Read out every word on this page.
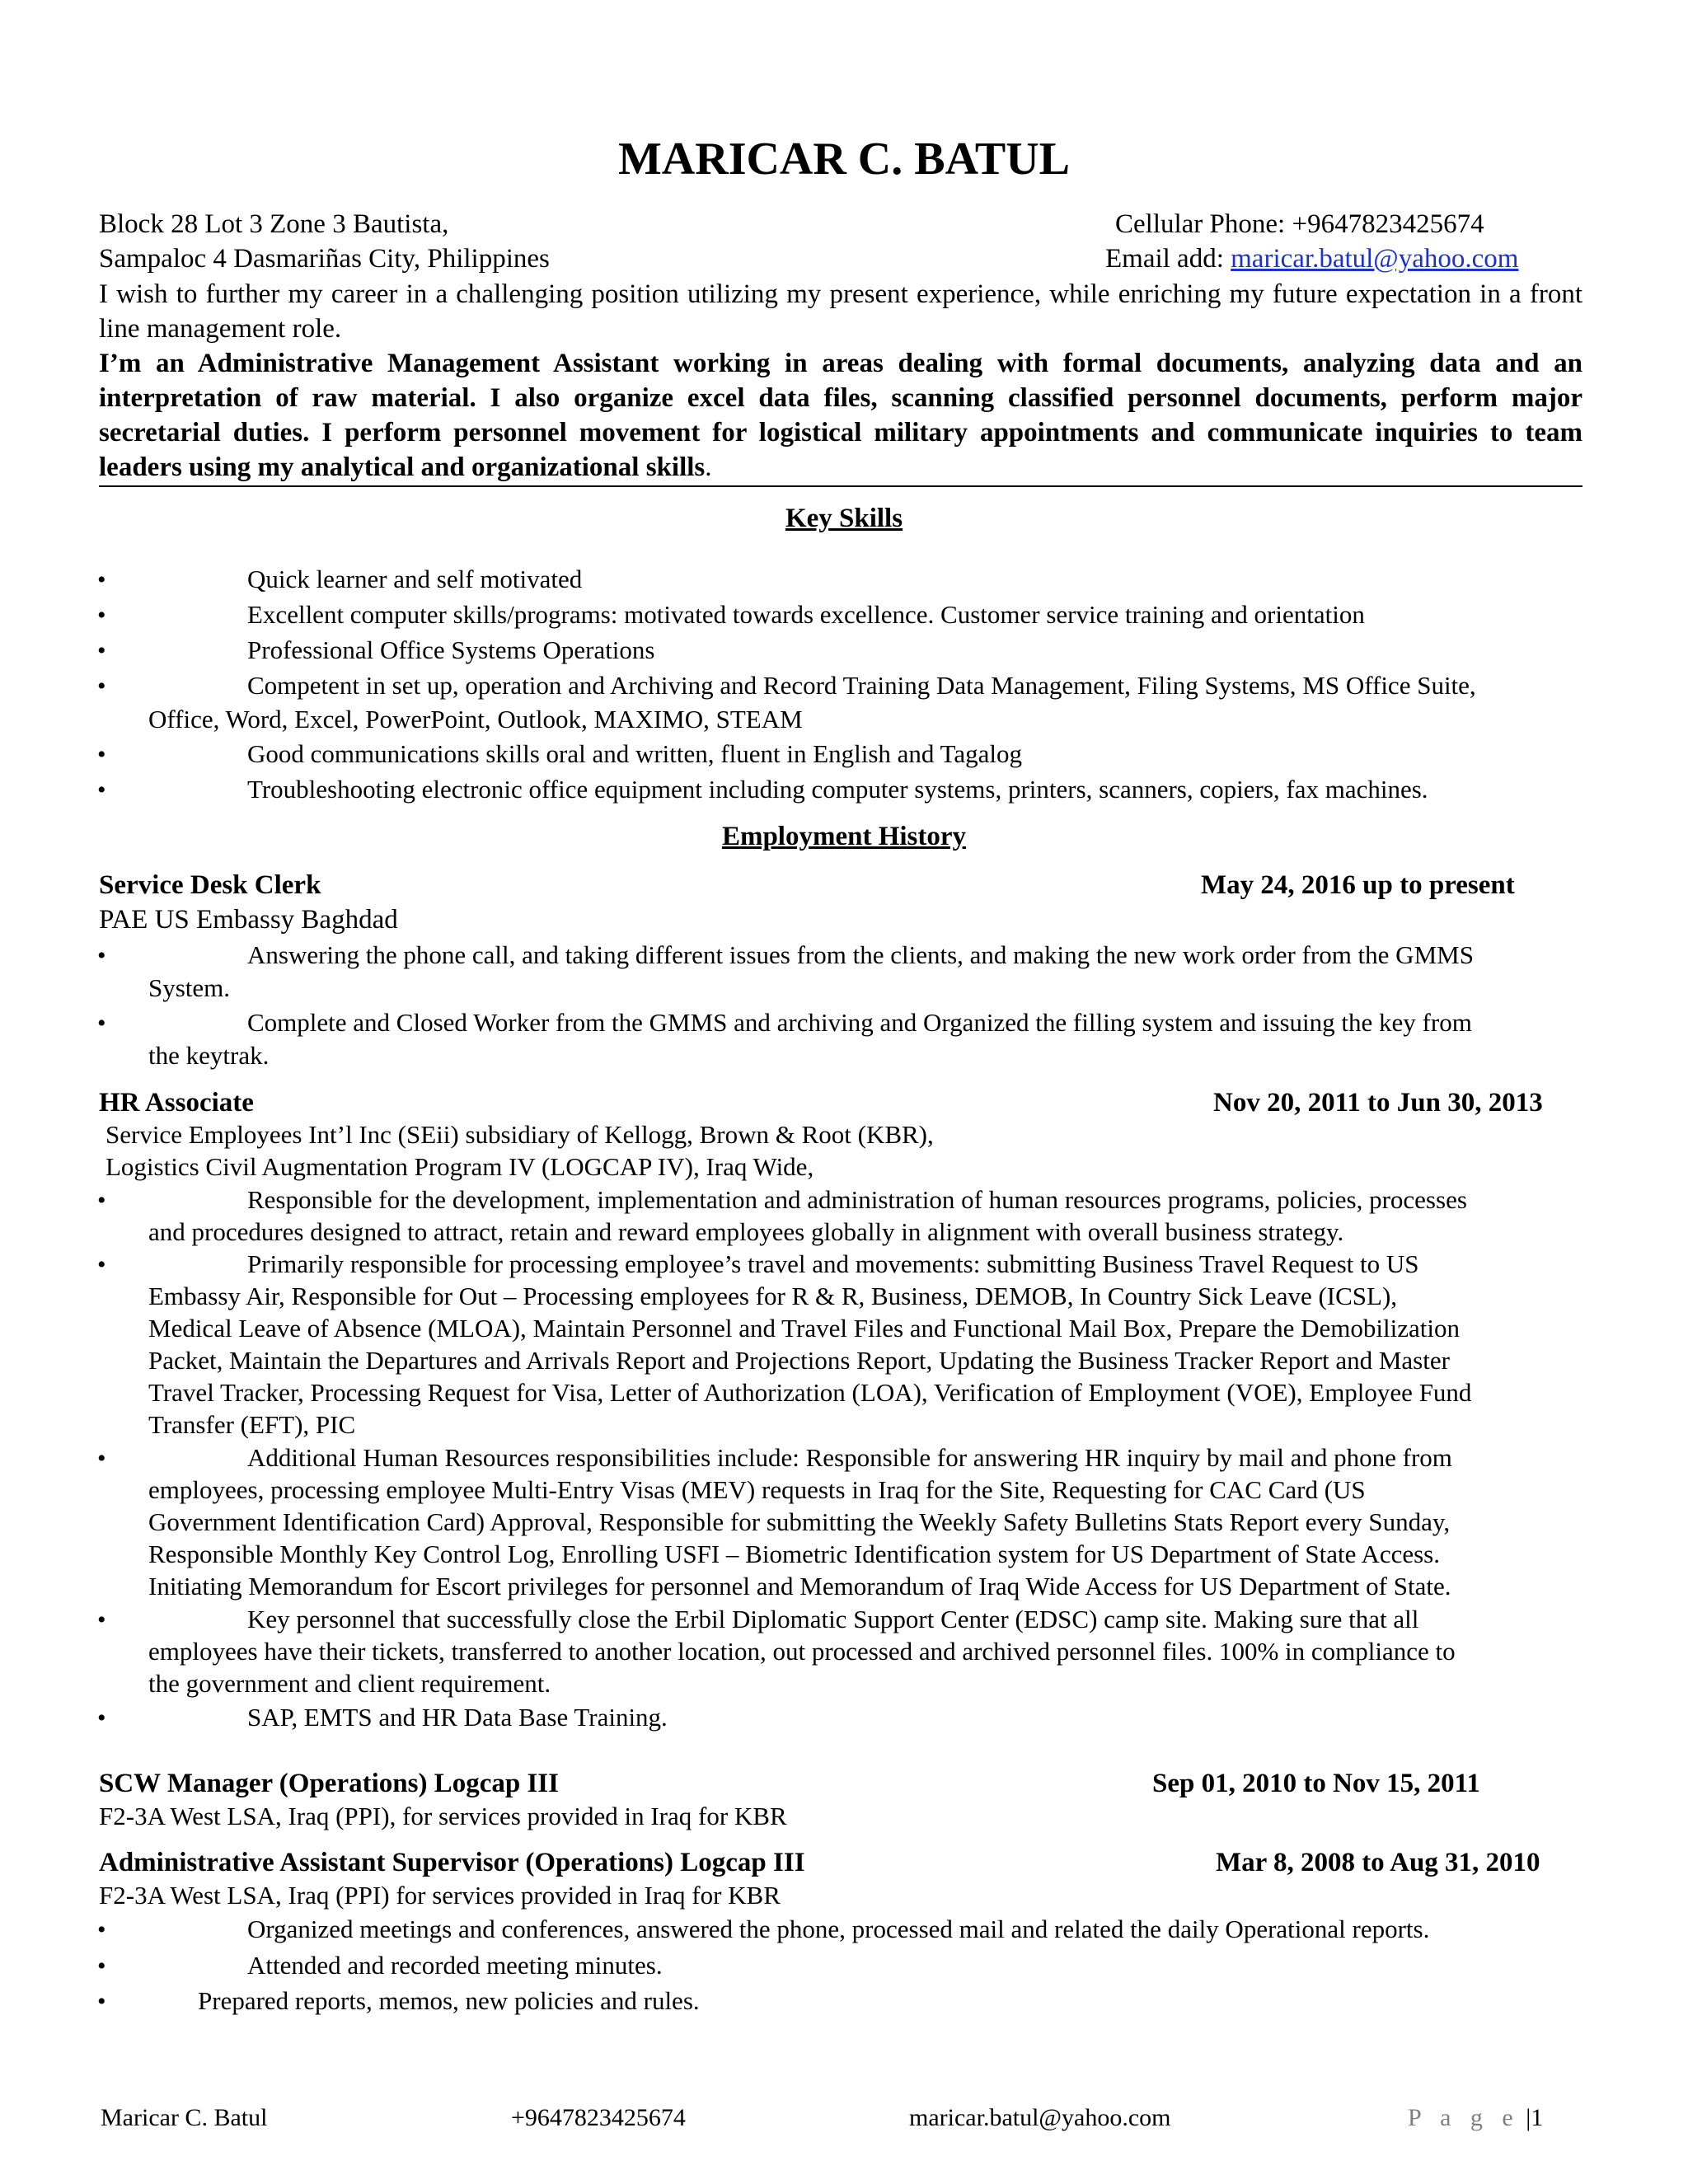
MARICAR C. BATUL
Block 28 Lot 3 Zone 3 Bautista,
Sampaloc 4 Dasmariñas City, Philippines
Cellular Phone: +9647823425674
Email add: maricar.batul@yahoo.com
I wish to further my career in a challenging position utilizing my present experience, while enriching my future expectation in a front line management role.
I’m an Administrative Management Assistant working in areas dealing with formal documents, analyzing data and an interpretation of raw material. I also organize excel data files, scanning classified personnel documents, perform major secretarial duties. I perform personnel movement for logistical military appointments and communicate inquiries to team leaders using my analytical and organizational skills.
Key Skills
•	Quick learner and self motivated
•	Excellent computer skills/programs: motivated towards excellence. Customer service training and orientation
•	Professional Office Systems Operations
•	Competent in set up, operation and Archiving and Record Training Data Management, Filing Systems, MS Office Suite,
Office, Word, Excel, PowerPoint, Outlook, MAXIMO, STEAM
•	Good communications skills oral and written, fluent in English and Tagalog
•	Troubleshooting electronic office equipment including computer systems, printers, scanners, copiers, fax machines.
Employment History
Service Desk Clerk	May 24, 2016 up to present
PAE US Embassy Baghdad
•	Answering the phone call, and taking different issues from the clients, and making the new work order from the GMMS
System.
•	Complete and Closed Worker from the GMMS and archiving and Organized the filling system and issuing the key from
the keytrak.
HR Associate	Nov 20, 2011 to Jun 30, 2013
Service Employees Int’l Inc (SEii) subsidiary of Kellogg, Brown & Root (KBR),
Logistics Civil Augmentation Program IV (LOGCAP IV), Iraq Wide,
•	Responsible for the development, implementation and administration of human resources programs, policies, processes
and procedures designed to attract, retain and reward employees globally in alignment with overall business strategy.
•	Primarily responsible for processing employee’s travel and movements: submitting Business Travel Request to US
Embassy Air, Responsible for Out – Processing employees for R & R, Business, DEMOB, In Country Sick Leave (ICSL),
Medical Leave of Absence (MLOA), Maintain Personnel and Travel Files and Functional Mail Box, Prepare the Demobilization
Packet, Maintain the Departures and Arrivals Report and Projections Report, Updating the Business Tracker Report and Master
Travel Tracker, Processing Request for Visa, Letter of Authorization (LOA), Verification of Employment (VOE), Employee Fund
Transfer (EFT), PIC
•	Additional Human Resources responsibilities include: Responsible for answering HR inquiry by mail and phone from
employees, processing employee Multi-Entry Visas (MEV) requests in Iraq for the Site, Requesting for CAC Card (US
Government Identification Card) Approval, Responsible for submitting the Weekly Safety Bulletins Stats Report every Sunday,
Responsible Monthly Key Control Log, Enrolling USFI – Biometric Identification system for US Department of State Access.
Initiating Memorandum for Escort privileges for personnel and Memorandum of Iraq Wide Access for US Department of State.
•	Key personnel that successfully close the Erbil Diplomatic Support Center (EDSC) camp site. Making sure that all
employees have their tickets, transferred to another location, out processed and archived personnel files. 100% in compliance to
the government and client requirement.
•	SAP, EMTS and HR Data Base Training.
SCW Manager (Operations) Logcap III	Sep 01, 2010 to Nov 15, 2011
F2-3A West LSA, Iraq (PPI), for services provided in Iraq for KBR
Administrative Assistant Supervisor (Operations) Logcap III	Mar 8, 2008 to Aug 31, 2010
F2-3A West LSA, Iraq (PPI) for services provided in Iraq for KBR
•	Organized meetings and conferences, answered the phone, processed mail and related the daily Operational reports.
•	Attended and recorded meeting minutes.
•	Prepared reports, memos, new policies and rules.
Maricar C. Batul	+9647823425674	maricar.batul@yahoo.com	P a g e |1
